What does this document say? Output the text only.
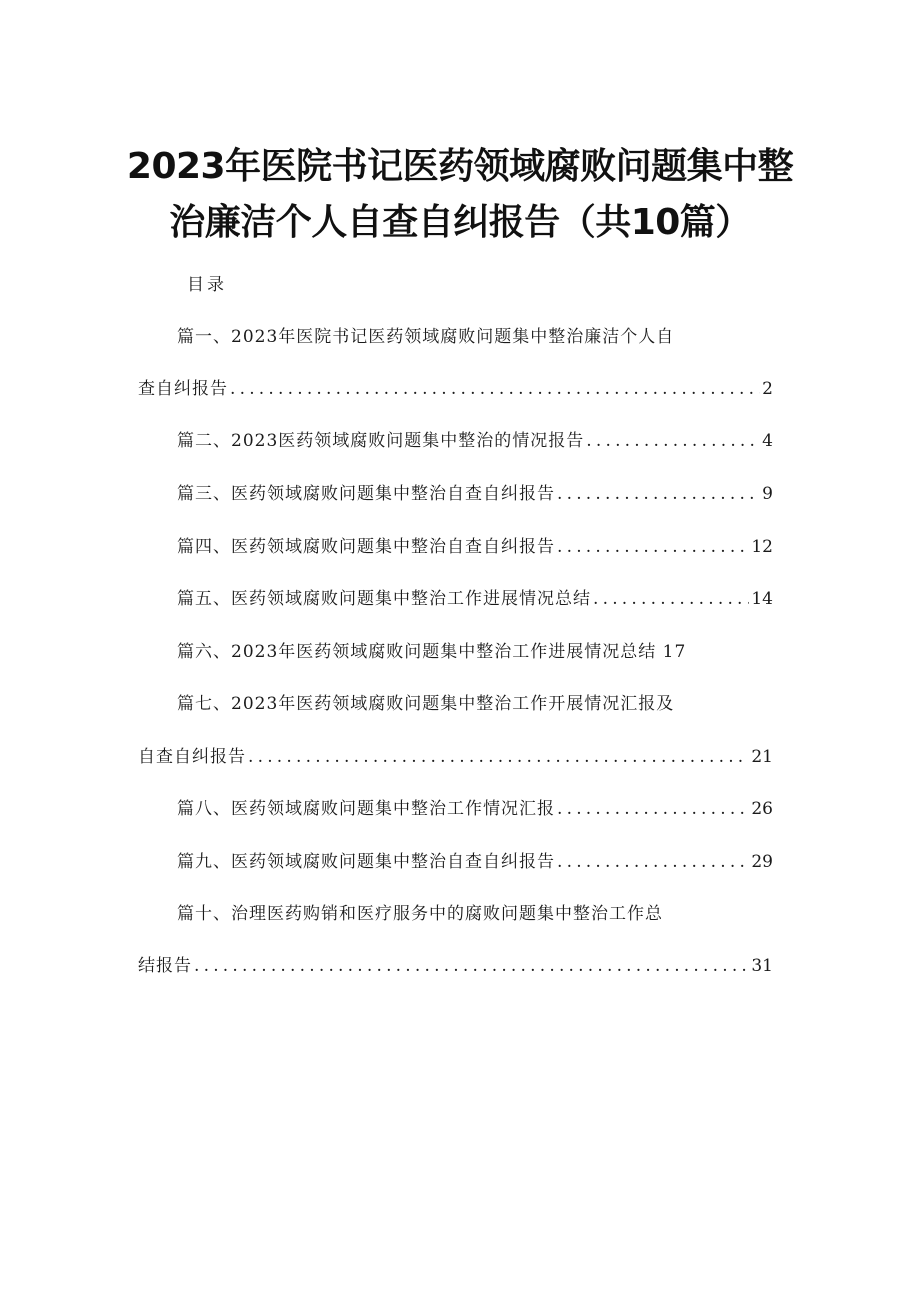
2023年医院书记医药领域腐败问题集中整
治廉洁个人自查自纠报告（共10篇）
目录
篇一、2023年医院书记医药领域腐败问题集中整治廉洁个人自
查自纠报告 .....	2
篇二、2023医药领域腐败问题集中整治的情况报告 .....	4
篇三、医药领域腐败问题集中整治自查自纠报告 .....	9
篇四、医药领域腐败问题集中整治自查自纠报告 .....	12
篇五、医药领域腐败问题集中整治工作进展情况总结 .....	14
篇六、2023年医药领域腐败问题集中整治工作进展情况总结 17
篇七、2023年医药领域腐败问题集中整治工作开展情况汇报及
自查自纠报告 .....	21
篇八、医药领域腐败问题集中整治工作情况汇报 .....	26
篇九、医药领域腐败问题集中整治自查自纠报告 .....	29
篇十、治理医药购销和医疗服务中的腐败问题集中整治工作总
结报告 .....	31
